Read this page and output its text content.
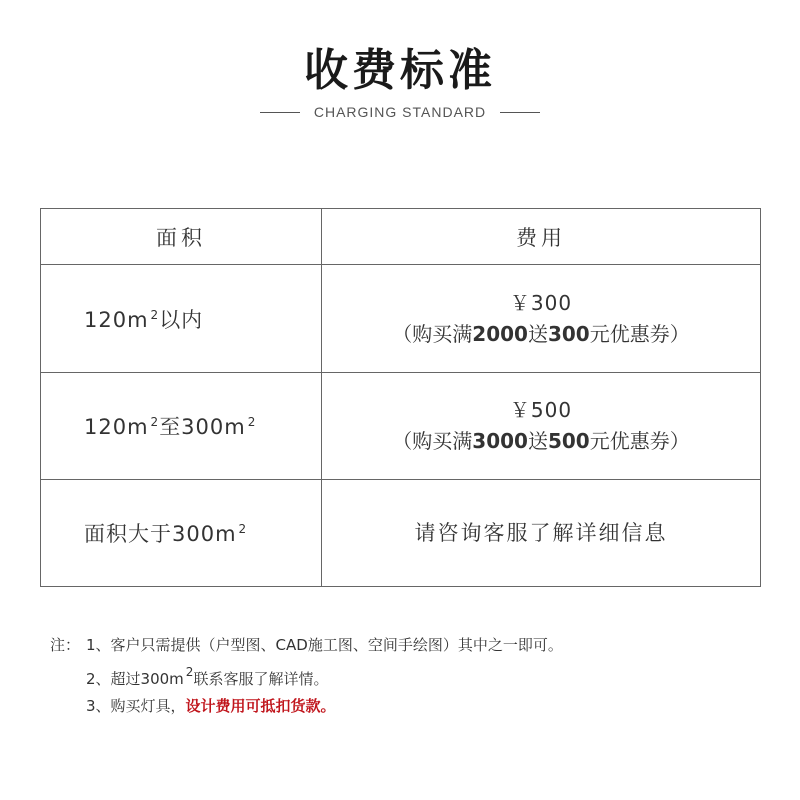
收费标准
CHARGING STANDARD
面积	费用
120m $^2$以内	￥300
（购买满2000送300元优惠券）

120m $^2$至300m $^2$	￥500
（购买满3000送500元优惠券）

面积大于300m $^2$	请咨询客服了解详细信息
注： 1、客户只需提供（户型图、CAD施工图、空间手绘图）其中之一即可。
2、超过300m $^2$联系客服了解详情。
3、购买灯具，设计费用可抵扣货款。
